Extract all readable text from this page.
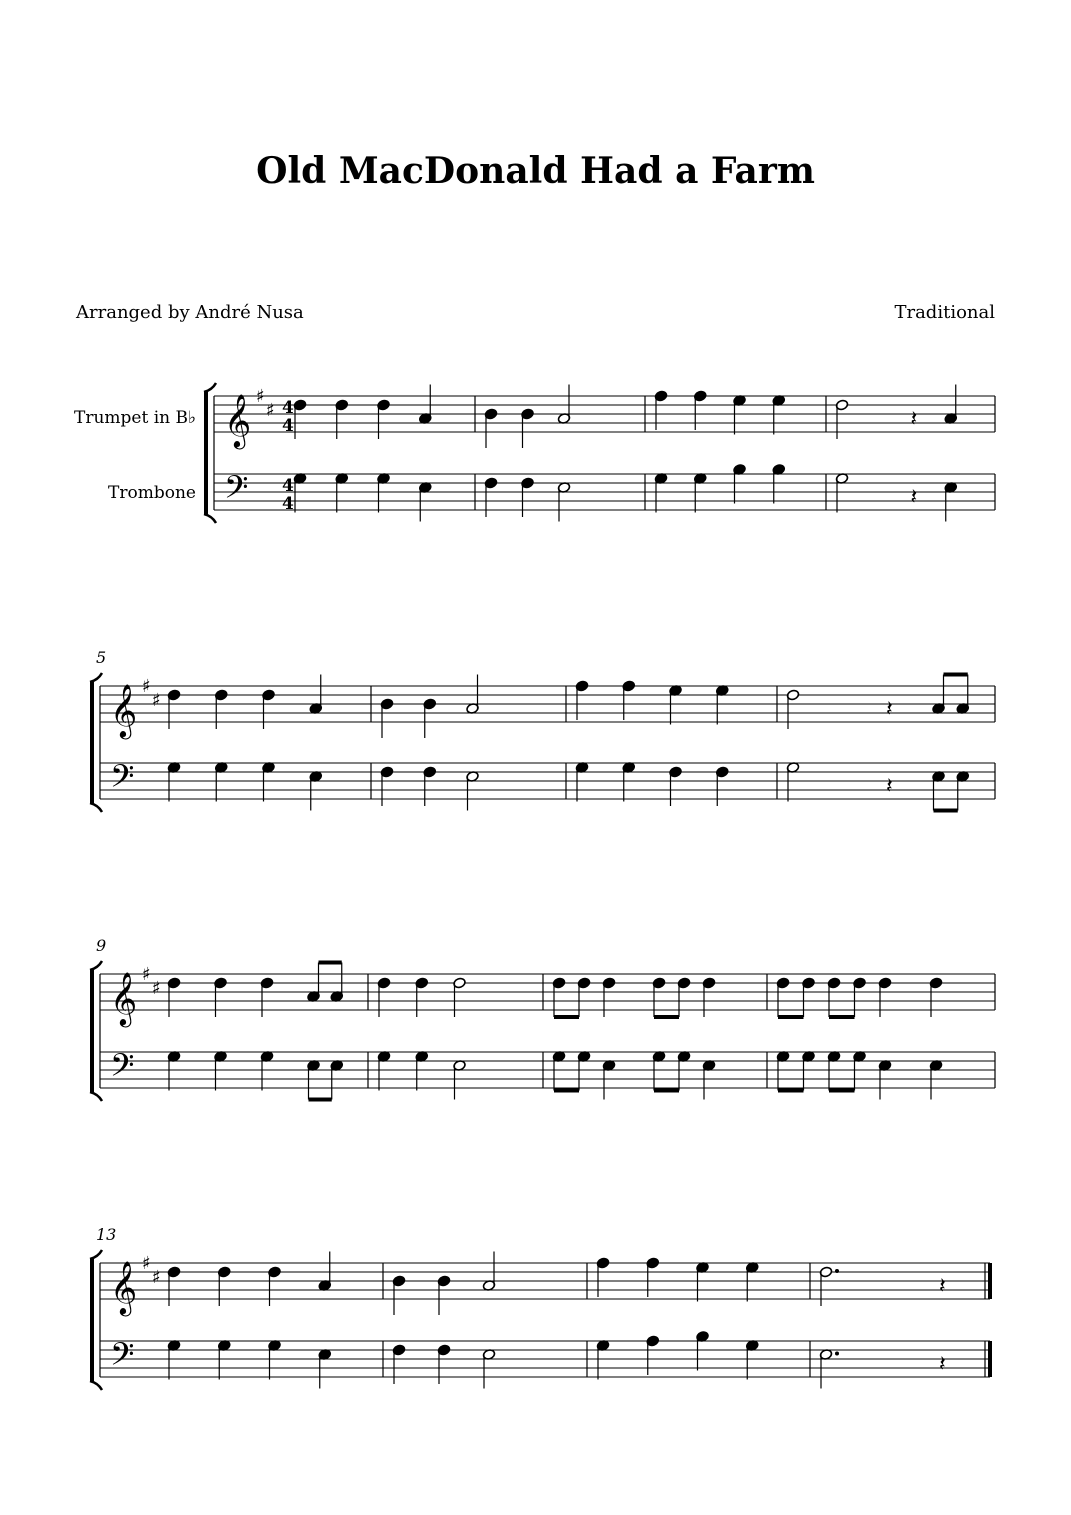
Old MacDonald Had a Farm
Arranged by André Nusa	Traditional
Trumpet in B♭
Trombone
5
9
13
𝄞
𝄢
♯
♯ 4
4
4
4
𝄽
𝄽
𝄞
𝄢
♯
♯	𝄽
𝄽
𝄞
𝄢
♯
♯
𝄞
𝄢
♯
♯	𝄽
𝄽
